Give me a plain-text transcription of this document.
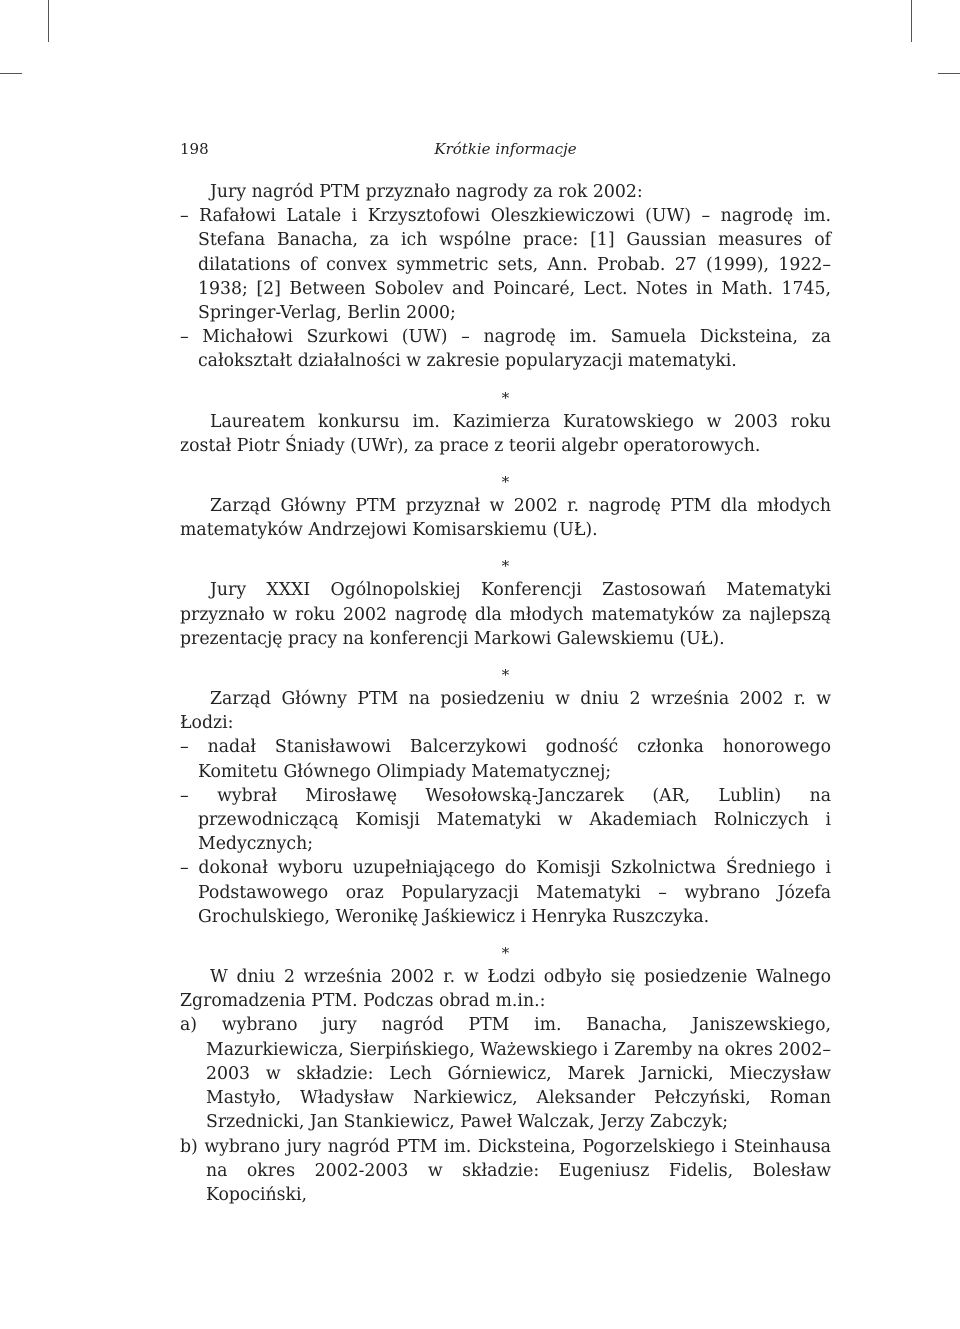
198	Krótkie informacje

Jury nagród PTM przyznało nagrody za rok 2002:

– Rafałowi Latale i Krzysztofowi Oleszkiewiczowi (UW) – nagrodę im. Stefana Banacha, za ich wspólne prace: [1] Gaussian measures of dilatations of convex symmetric sets, Ann. Probab. 27 (1999), 1922–1938; [2] Between Sobolev and Poincaré, Lect. Notes in Math. 1745, Springer-Verlag, Berlin 2000;

– Michałowi Szurkowi (UW) – nagrodę im. Samuela Dicksteina, za całokształt działalności w zakresie popularyzacji matematyki.

∗

Laureatem konkursu im. Kazimierza Kuratowskiego w 2003 roku został Piotr Śniady (UWr), za prace z teorii algebr operatorowych.

∗

Zarząd Główny PTM przyznał w 2002 r. nagrodę PTM dla młodych matematyków Andrzejowi Komisarskiemu (UŁ).

∗

Jury XXXI Ogólnopolskiej Konferencji Zastosowań Matematyki przyznało w roku 2002 nagrodę dla młodych matematyków za najlepszą prezentację pracy na konferencji Markowi Galewskiemu (UŁ).

∗

Zarząd Główny PTM na posiedzeniu w dniu 2 września 2002 r. w Łodzi:

– nadał Stanisławowi Balcerzykowi godność członka honorowego Komitetu Głównego Olimpiady Matematycznej;

– wybrał Mirosławę Wesołowską-Janczarek (AR, Lublin) na przewodniczącą Komisji Matematyki w Akademiach Rolniczych i Medycznych;

– dokonał wyboru uzupełniającego do Komisji Szkolnictwa Średniego i Podstawowego oraz Popularyzacji Matematyki – wybrano Józefa Grochulskiego, Weronikę Jaśkiewicz i Henryka Ruszczyka.

∗

W dniu 2 września 2002 r. w Łodzi odbyło się posiedzenie Walnego Zgromadzenia PTM. Podczas obrad m.in.:

a) wybrano jury nagród PTM im. Banacha, Janiszewskiego, Mazurkiewicza, Sierpińskiego, Ważewskiego i Zaremby na okres 2002–2003 w składzie: Lech Górniewicz, Marek Jarnicki, Mieczysław Mastyło, Władysław Narkiewicz, Aleksander Pełczyński, Roman Srzednicki, Jan Stankiewicz, Paweł Walczak, Jerzy Zabczyk;

b) wybrano jury nagród PTM im. Dicksteina, Pogorzelskiego i Steinhausa na okres 2002-2003 w składzie: Eugeniusz Fidelis, Bolesław Kopociński,
